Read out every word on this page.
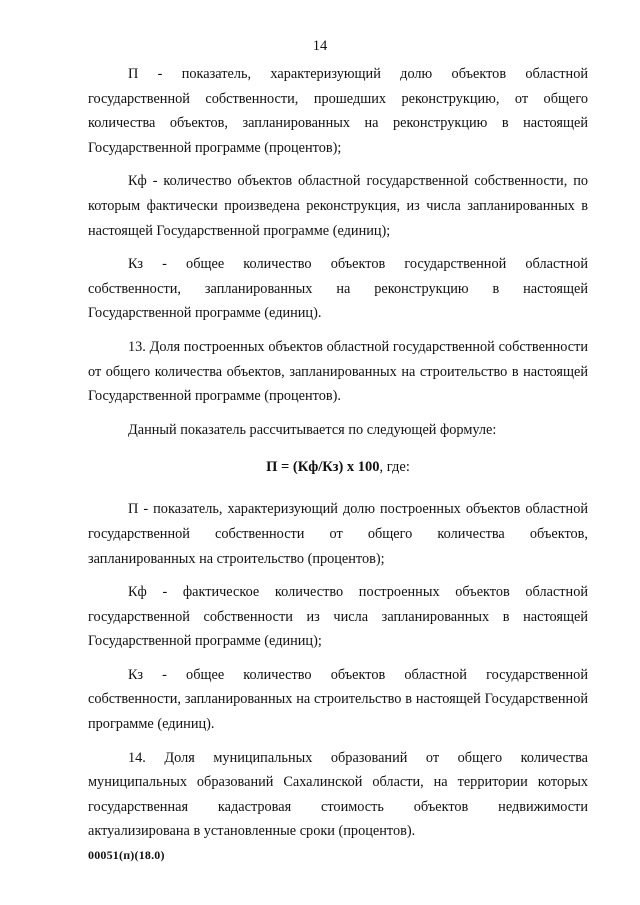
14

П - показатель, характеризующий долю объектов областной государственной собственности, прошедших реконструкцию, от общего количества объектов, запланированных на реконструкцию в настоящей Государственной программе (процентов);

Кф - количество объектов областной государственной собственности, по которым фактически произведена реконструкция, из числа запланированных в настоящей Государственной программе (единиц);

Кз - общее количество объектов государственной областной собственности, запланированных на реконструкцию в настоящей Государственной программе (единиц).

13. Доля построенных объектов областной государственной собственности от общего количества объектов, запланированных на строительство в настоящей Государственной программе (процентов).

Данный показатель рассчитывается по следующей формуле:

П = (Кф/Кз) х 100, где:

П - показатель, характеризующий долю построенных объектов областной государственной собственности от общего количества объектов, запланированных на строительство (процентов);

Кф - фактическое количество построенных объектов областной государственной собственности из числа запланированных в настоящей Государственной программе (единиц);

Кз - общее количество объектов областной государственной собственности, запланированных на строительство в настоящей Государственной программе (единиц).

14. Доля муниципальных образований от общего количества муниципальных образований Сахалинской области, на территории которых государственная кадастровая стоимость объектов недвижимости актуализирована в установленные сроки (процентов).

00051(п)(18.0)
